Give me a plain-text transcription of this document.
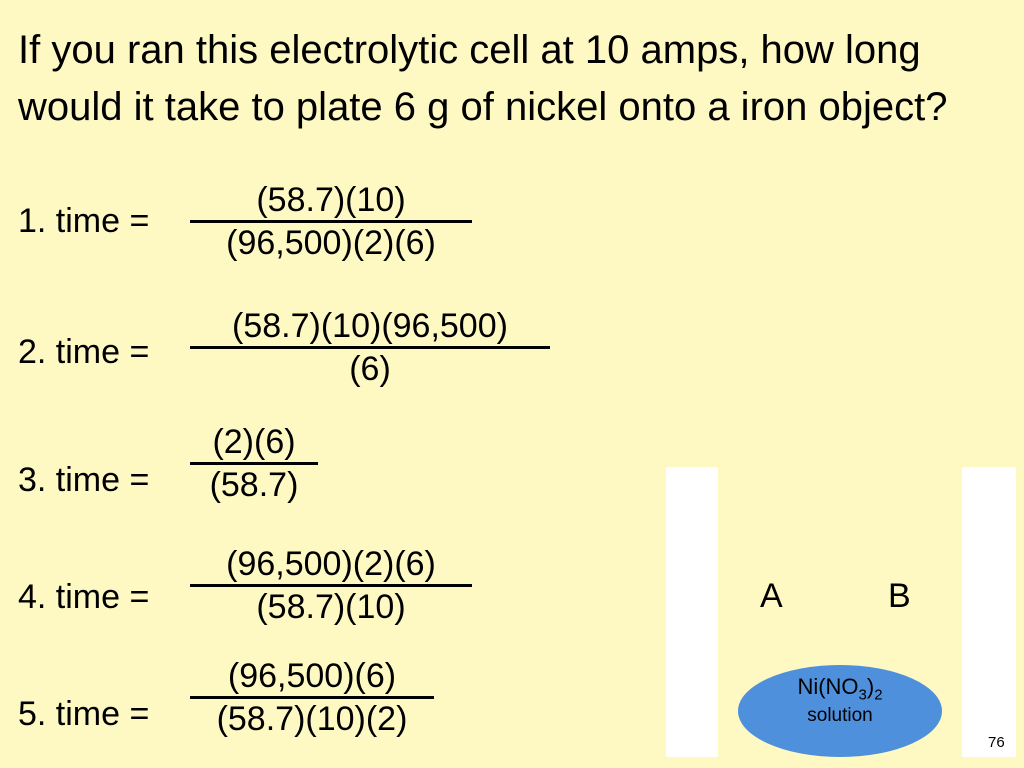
If you ran this electrolytic cell at 10 amps, how long would it take to plate 6 g of nickel onto a iron object?

1. time =
(58.7)(10)
(96,500)(2)(6)
2. time =
(58.7)(10)(96,500)
(6)
3. time =
(2)(6)
(58.7)
4. time =
(96,500)(2)(6)
(58.7)(10)
5. time =
(96,500)(6)
(58.7)(10)(2)
A	B
$Ni(NO_3)_2$
solution
76
